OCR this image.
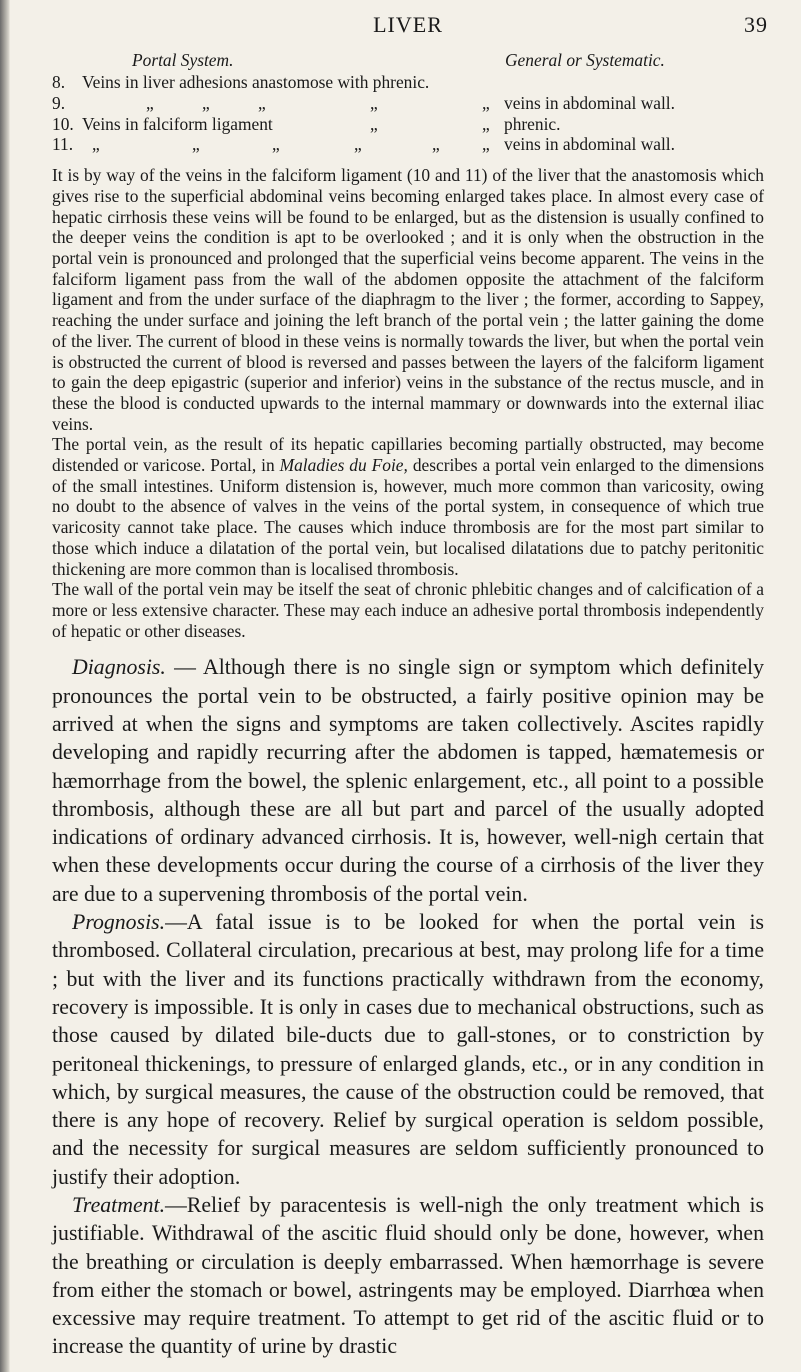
LIVER	39
Portal System.	General or Systematic.
8. Veins in liver adhesions anastomose with phrenic.
9.	„	„	„	„	„ veins in abdominal wall.
10. Veins in falciform ligament	„	„ phrenic.
11. „	„	„	„	„ „ veins in abdominal wall.

It is by way of the veins in the falciform ligament (10 and 11) of the liver that the anastomosis which gives rise to the superficial abdominal veins becoming enlarged takes place. In almost every case of hepatic cirrhosis these veins will be found to be enlarged, but as the distension is usually confined to the deeper veins the condition is apt to be overlooked ; and it is only when the obstruction in the portal vein is pronounced and prolonged that the superficial veins become apparent. The veins in the falciform ligament pass from the wall of the abdomen opposite the attachment of the falciform ligament and from the under surface of the diaphragm to the liver ; the former, according to Sappey, reaching the under surface and joining the left branch of the portal vein ; the latter gaining the dome of the liver. The current of blood in these veins is normally towards the liver, but when the portal vein is obstructed the current of blood is reversed and passes between the layers of the falciform ligament to gain the deep epigastric (superior and inferior) veins in the substance of the rectus muscle, and in these the blood is conducted upwards to the internal mammary or downwards into the external iliac veins.

The portal vein, as the result of its hepatic capillaries becoming partially obstructed, may become distended or varicose. Portal, in Maladies du Foie, describes a portal vein enlarged to the dimensions of the small intestines. Uniform distension is, however, much more common than varicosity, owing no doubt to the absence of valves in the veins of the portal system, in consequence of which true varicosity cannot take place. The causes which induce thrombosis are for the most part similar to those which induce a dilatation of the portal vein, but localised dilatations due to patchy peritonitic thickening are more common than is localised thrombosis.

The wall of the portal vein may be itself the seat of chronic phlebitic changes and of calcification of a more or less extensive character. These may each induce an adhesive portal thrombosis independently of hepatic or other diseases.

Diagnosis. — Although there is no single sign or symptom which definitely pronounces the portal vein to be obstructed, a fairly positive opinion may be arrived at when the signs and symptoms are taken collectively. Ascites rapidly developing and rapidly recurring after the abdomen is tapped, hæmatemesis or hæmorrhage from the bowel, the splenic enlargement, etc., all point to a possible thrombosis, although these are all but part and parcel of the usually adopted indications of ordinary advanced cirrhosis. It is, however, well-nigh certain that when these developments occur during the course of a cirrhosis of the liver they are due to a supervening thrombosis of the portal vein.

Prognosis.—A fatal issue is to be looked for when the portal vein is thrombosed. Collateral circulation, precarious at best, may prolong life for a time ; but with the liver and its functions practically withdrawn from the economy, recovery is impossible. It is only in cases due to mechanical obstructions, such as those caused by dilated bile-ducts due to gall-stones, or to constriction by peritoneal thickenings, to pressure of enlarged glands, etc., or in any condition in which, by surgical measures, the cause of the obstruction could be removed, that there is any hope of recovery. Relief by surgical operation is seldom possible, and the necessity for surgical measures are seldom sufficiently pronounced to justify their adoption.

Treatment.—Relief by paracentesis is well-nigh the only treatment which is justifiable. Withdrawal of the ascitic fluid should only be done, however, when the breathing or circulation is deeply embarrassed. When hæmorrhage is severe from either the stomach or bowel, astringents may be employed. Diarrhœa when excessive may require treatment. To attempt to get rid of the ascitic fluid or to increase the quantity of urine by drastic
